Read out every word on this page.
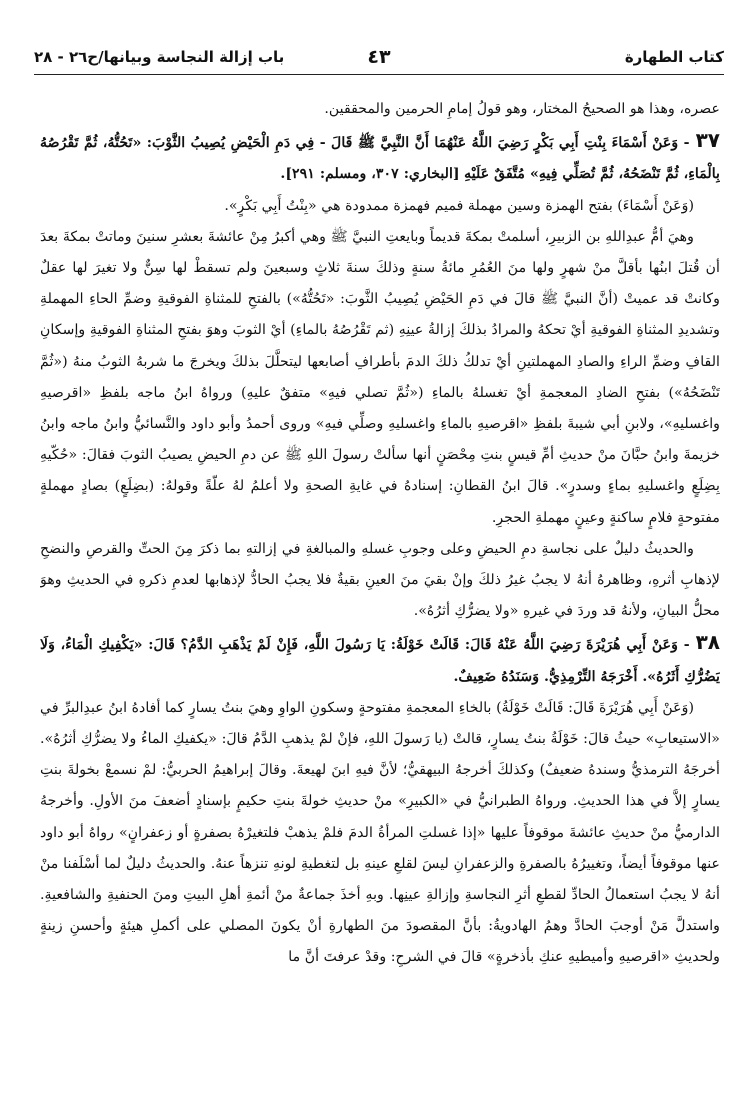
كتاب الطهارة
٤٣
باب إزالة النجاسة وبيانها/ح٢٦ - ٢٨

عصره، وهذا هو الصحيحُ المختار، وهو قولُ إمامِ الحرمين والمحققين.

٣٧- وَعَنْ أَسْمَاءَ بِنْتِ أَبِي بَكْرٍ رَضِيَ اللَّهُ عَنْهُمَا أَنَّ النَّبِيَّ ﷺ قَالَ - فِي دَمِ الْحَيْضِ يُصِيبُ الثَّوْبَ: «تَحُتُّهُ، ثُمَّ تَقْرُصُهُ بِالْمَاءِ، ثُمَّ تَنْضَحُهُ، ثُمَّ تُصَلِّي فِيهِ» مُتَّفَقٌ عَلَيْهِ [البخاري: ٣٠٧، ومسلم: ٢٩١].

(وَعَنْ أَسْمَاءَ) بفتح الهمزة وسين مهملة فميم فهمزة ممدودة هي «بِنْتُ أَبِي بَكْرٍ».

وهيَ أمُّ عبدِاللهِ بن الزبيرِ، أسلمتْ بمكةَ قديماً وبايعتِ النبيَّ ﷺ وهي أكبرُ مِنْ عائشةَ بعشرِ سنينَ وماتتْ بمكةَ بعدَ أن قُتلَ ابنُها بأقلَّ منْ شهرٍ ولها منَ العُمُرِ مائةُ سنةٍ وذلكَ سنةَ ثلاثٍ وسبعينَ ولم تسقطْ لها سِنٌّ ولا تغيرَ لها عقلٌ وكانتْ قد عميتْ (أنَّ النبيَّ ﷺ قالَ في دَمِ الحَيْضِ يُصِيبُ الثَّوبَ: «تَحُتُّهُ») بالفتحِ للمثناةِ الفوقيةِ وضمِّ الحاءِ المهملةِ وتشديدِ المثناةِ الفوقيةِ أيْ تحكهُ والمرادُ بذلكَ إزالةُ عينِهِ (ثم تَقْرُصُهُ بالماءِ) أيْ الثوبَ وهوَ بفتحِ المثناةِ الفوقيةِ وإسكانِ القافِ وضمِّ الراءِ والصادِ المهملتينِ أيْ تدلكُ ذلكَ الدمَ بأطرافِ أصابعها ليتحلَّلَ بذلكَ ويخرجَ ما شربهُ الثوبُ منهُ («ثُمَّ تَنْضَحُهُ») بفتحِ الضادِ المعجمةِ أيْ تغسلهُ بالماءِ («ثُمَّ تصلي فيهِ» متفقٌ عليهِ) ورواهُ ابنُ ماجه بلفظِ «اقرصيهِ واغسليهِ»، ولابنِ أبي شيبةَ بلفظِ «اقرصيهِ بالماءِ واغسليهِ وصلِّي فيهِ» وروى أحمدُ وأبو داود والنَّسائيُّ وابنُ ماجه وابنُ خزيمةَ وابنُ حبَّانَ منْ حديثِ أمِّ قيسٍ بنتِ مِحْصَنٍ أنها سألتْ رسولَ اللهِ ﷺ عن دمِ الحيضِ يصيبُ الثوبَ فقالَ: «حُكّيهِ بِضِلَعٍ واغسليهِ بماءٍ وسدرٍ». قالَ ابنُ القطانِ: إسنادهُ في غايةِ الصحةِ ولا أعلمُ لهُ علّةً وقولهُ: (بضِلَعٍ) بصادٍ مهملةٍ مفتوحةٍ فلامٍ ساكنةٍ وعينٍ مهملةِ الحجرِ.

والحديثُ دليلٌ على نجاسةِ دمِ الحيضِ وعلى وجوبِ غسلهِ والمبالغةِ في إزالتهِ بما ذكرَ مِنَ الحتِّ والقرصِ والنضحِ لإذهابِ أثرهِ، وظاهرهُ أنهُ لا يجبُ غيرُ ذلكَ وإنْ بقيَ منَ العينِ بقيةٌ فلا يجبُ الحادُّ لإذهابها لعدمِ ذكرهِ في الحديثِ وهوَ محلُّ البيانِ، ولأنهُ قد وردَ في غيرهِ «ولا يضرُّكِ أثرُهُ».

٣٨- وَعَنْ أَبِي هُرَيْرَةَ رَضِيَ اللَّهُ عَنْهُ قَالَ: قَالَتْ خَوْلَةُ: يَا رَسُولَ اللَّهِ، فَإِنْ لَمْ يَذْهَبِ الدَّمُ؟ قَالَ: «يَكْفِيكِ الْمَاءُ، وَلَا يَضُرُّكِ أَثَرُهُ». أَخْرَجَهُ التِّرْمِذِيُّ. وَسَنَدُهُ ضَعِيفٌ.

(وَعَنْ أَبِي هُرَيْرَةَ قَالَ: قَالَتْ خَوْلَةُ) بالخاءِ المعجمةِ مفتوحةٍ وسكونِ الواوِ وهيَ بنتُ يسارٍ كما أفادهُ ابنُ عبدِالبرِّ في «الاستيعابِ» حيثُ قالَ: خَوْلَةُ بنتُ يسارٍ، قالتْ (يا رَسولَ اللهِ، فإنْ لمْ يذهبِ الدَّمُ قالَ: «يكفيكِ الماءُ ولا يضرُّكِ أثرُهُ». أخرجَهُ الترمذيُّ وسندهُ ضعيفٌ) وكذلكَ أخرجهُ البيهقيُّ؛ لأنَّ فيهِ ابنَ لهيعةَ. وقالَ إبراهيمُ الحربيُّ: لمْ نسمعْ بخولةَ بنتِ يسارٍ إلاَّ في هذا الحديثِ. ورواهُ الطبرانيُّ في «الكبيرِ» منْ حديثِ خولةَ بنتِ حكيمٍ بإسنادٍ أضعفَ منَ الأولِ. وأخرجهُ الدارميُّ منْ حديثِ عائشةَ موقوفاً عليها «إذا غسلتِ المرأةُ الدمَ فلمْ يذهبْ فلتغيرْهُ بصفرةٍ أو زعفرانٍ» رواهُ أبو داود عنها موقوفاً أيضاً، وتغييرُهُ بالصفرةِ والزعفرانِ ليسَ لقلعِ عينهِ بل لتغطيةِ لونهِ تنزهاً عنهُ. والحديثُ دليلٌ لما أسْلَفنا منْ أنهُ لا يجبُ استعمالُ الحادِّ لقطعِ أثرِ النجاسةِ وإزالةِ عينِها. وبهِ أخذَ جماعةٌ منْ أئمةِ أهلِ البيتِ ومنَ الحنفيةِ والشافعيةِ. واستدلَّ مَنْ أوجبَ الحادَّ وهمُ الهادويةُ: بأنَّ المقصودَ منَ الطهارةِ أنْ يكونَ المصلي على أكملِ هيئةٍ وأحسنِ زينةٍ ولحديثِ «اقرصيهِ وأميطيهِ عنكِ بأذخرةٍ» قالَ في الشرحِ: وقدْ عرفتَ أنَّ ما
